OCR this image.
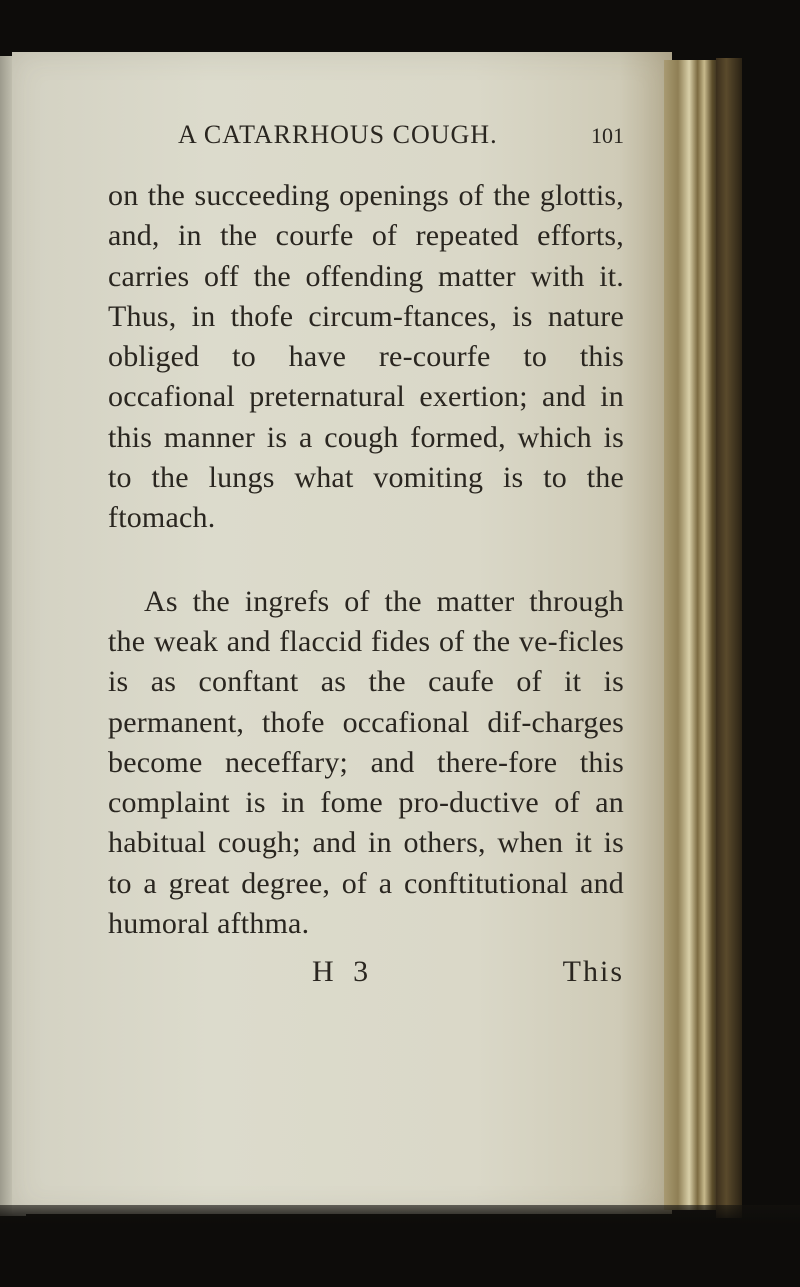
A CATARRHOUS COUGH.	101

on the succeeding openings of the glottis, and, in the courfe of repeated efforts, carries off the offending matter with it. Thus, in thofe circum-ftances, is nature obliged to have re-courfe to this occafional preternatural exertion; and in this manner is a cough formed, which is to the lungs what vomiting is to the ftomach.

As the ingrefs of the matter through the weak and flaccid fides of the ve-ficles is as conftant as the caufe of it is permanent, thofe occafional dif-charges become neceffary; and there-fore this complaint is in fome pro-ductive of an habitual cough; and in others, when it is to a great degree, of a conftitutional and humoral afthma.

H 3	This
